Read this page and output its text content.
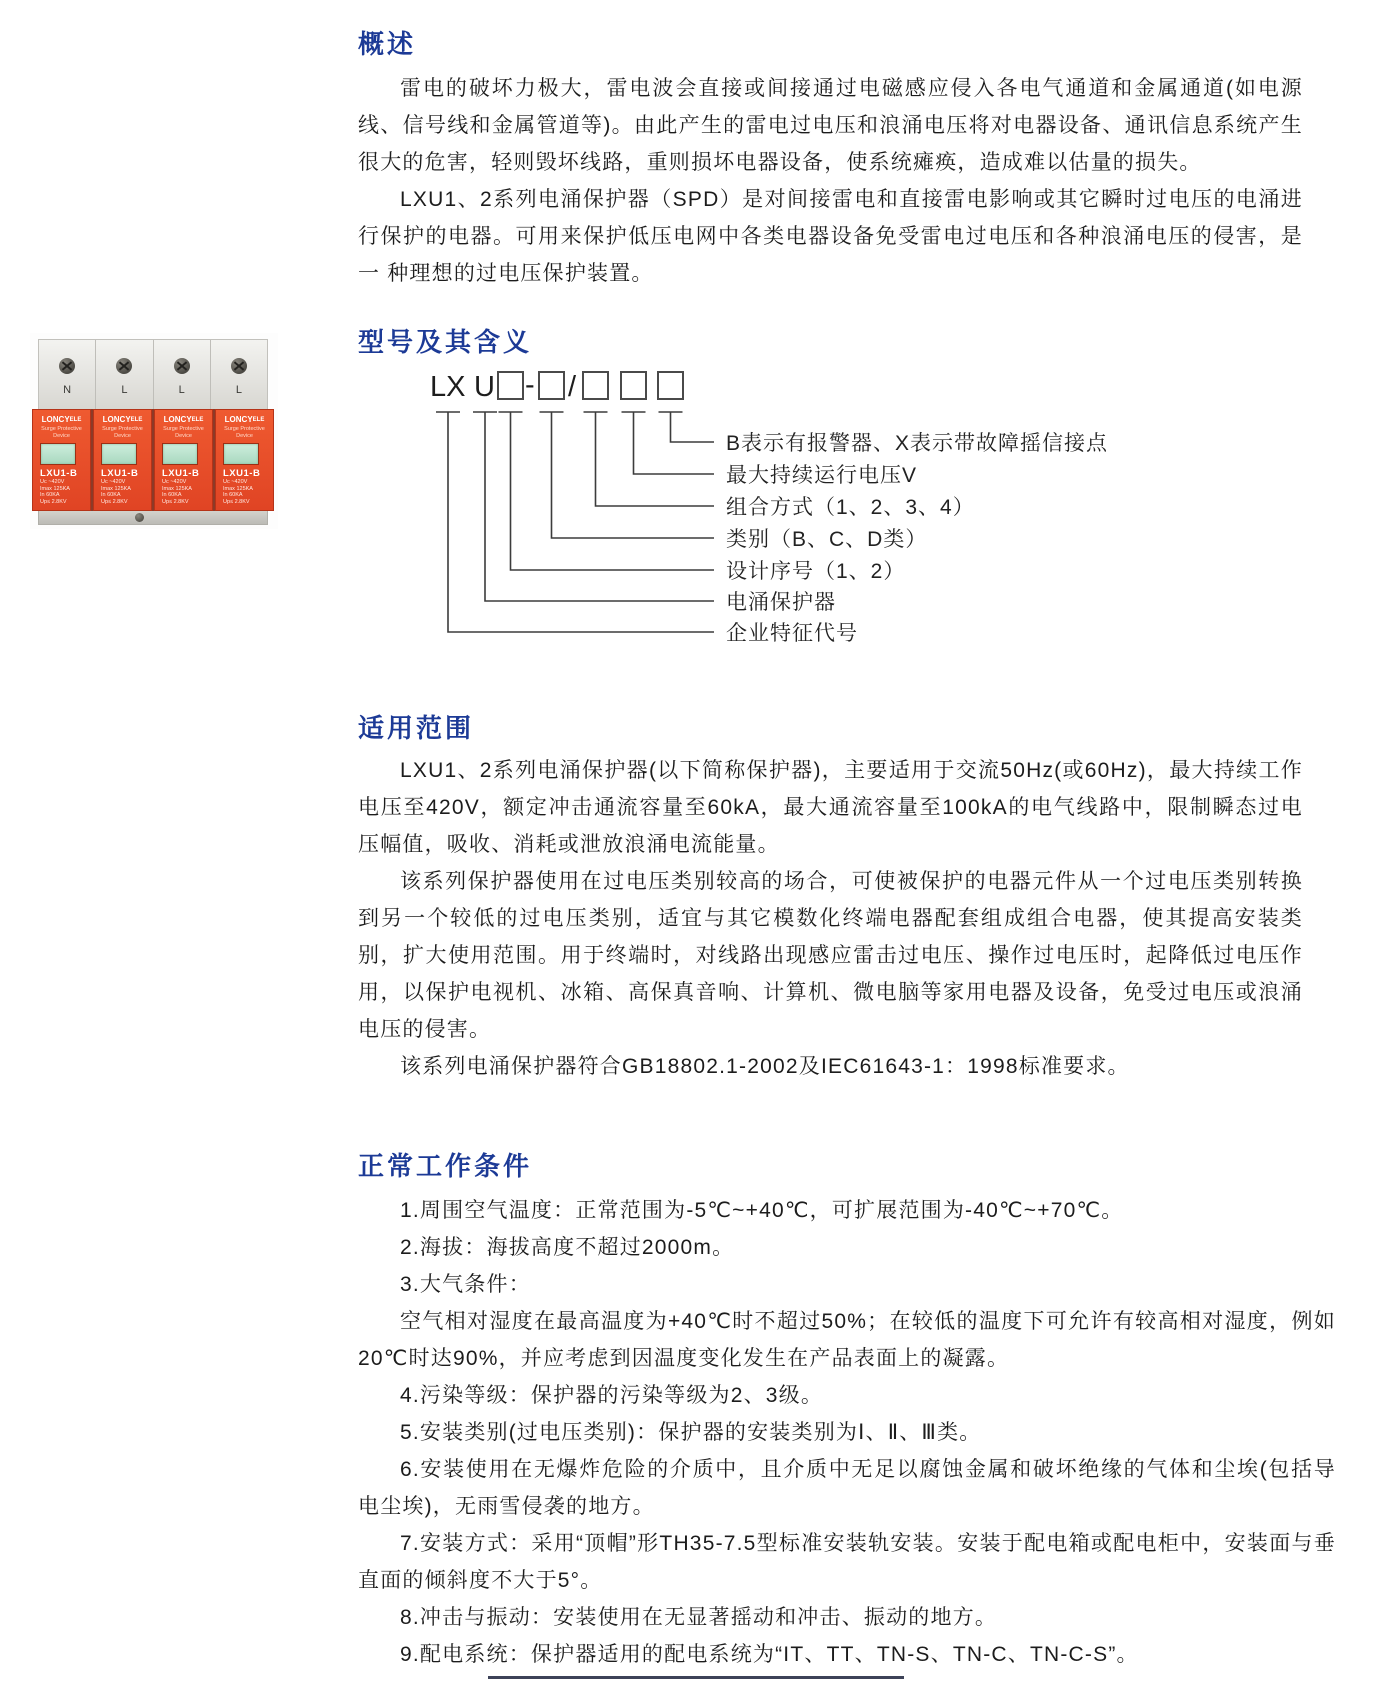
概述

雷电的破坏力极大，雷电波会直接或间接通过电磁感应侵入各电气通道和金属通道(如电源线、信号线和金属管道等)。由此产生的雷电过电压和浪涌电压将对电器设备、通讯信息系统产生很大的危害，轻则毁坏线路，重则损坏电器设备，使系统瘫痪，造成难以估量的损失。

LXU1、2系列电涌保护器（SPD）是对间接雷电和直接雷电影响或其它瞬时过电压的电涌进行保护的电器。可用来保护低压电网中各类电器设备免受雷电过电压和各种浪涌电压的侵害，是一 种理想的过电压保护装置。

N	L	L	L
LONCYELE
Surge Protective
Device
LXU1-B
Uc ~420V
Imax 125KA
In 60KA
Up≤ 2.8KV
LONCYELE
Surge Protective
Device
LXU1-B
Uc ~420V
Imax 125KA
In 60KA
Up≤ 2.8KV
LONCYELE
Surge Protective
Device
LXU1-B
Uc ~420V
Imax 125KA
In 60KA
Up≤ 2.8KV
LONCYELE
Surge Protective
Device
LXU1-B
Uc ~420V
Imax 125KA
In 60KA
Up≤ 2.8KV
型号及其含义
LX U - /
B表示有报警器、X表示带故障摇信接点
最大持续运行电压V
组合方式（1、2、3、4）
类别（B、C、D类）
设计序号（1、2）
电涌保护器
企业特征代号
适用范围

LXU1、2系列电涌保护器(以下简称保护器)，主要适用于交流50Hz(或60Hz)，最大持续工作电压至420V，额定冲击通流容量至60kA，最大通流容量至100kA的电气线路中，限制瞬态过电压幅值，吸收、消耗或泄放浪涌电流能量。

该系列保护器使用在过电压类别较高的场合，可使被保护的电器元件从一个过电压类别转换到另一个较低的过电压类别，适宜与其它模数化终端电器配套组成组合电器，使其提高安装类别，扩大使用范围。用于终端时，对线路出现感应雷击过电压、操作过电压时，起降低过电压作用，以保护电视机、冰箱、高保真音响、计算机、微电脑等家用电器及设备，免受过电压或浪涌电压的侵害。

该系列电涌保护器符合GB18802.1-2002及IEC61643-1：1998标准要求。

正常工作条件

1.周围空气温度：正常范围为-5℃~+40℃，可扩展范围为-40℃~+70℃。

2.海拔：海拔高度不超过2000m。

3.大气条件：

空气相对湿度在最高温度为+40℃时不超过50%；在较低的温度下可允许有较高相对湿度，例如20℃时达90%，并应考虑到因温度变化发生在产品表面上的凝露。

4.污染等级：保护器的污染等级为2、3级。

5.安装类别(过电压类别)：保护器的安装类别为Ⅰ、Ⅱ、Ⅲ类。

6.安装使用在无爆炸危险的介质中，且介质中无足以腐蚀金属和破坏绝缘的气体和尘埃(包括导电尘埃)，无雨雪侵袭的地方。

7.安装方式：采用“顶帽”形TH35-7.5型标准安装轨安装。安装于配电箱或配电柜中，安装面与垂直面的倾斜度不大于5°。

8.冲击与振动：安装使用在无显著摇动和冲击、振动的地方。

9.配电系统：保护器适用的配电系统为“IT、TT、TN-S、TN-C、TN-C-S”。
